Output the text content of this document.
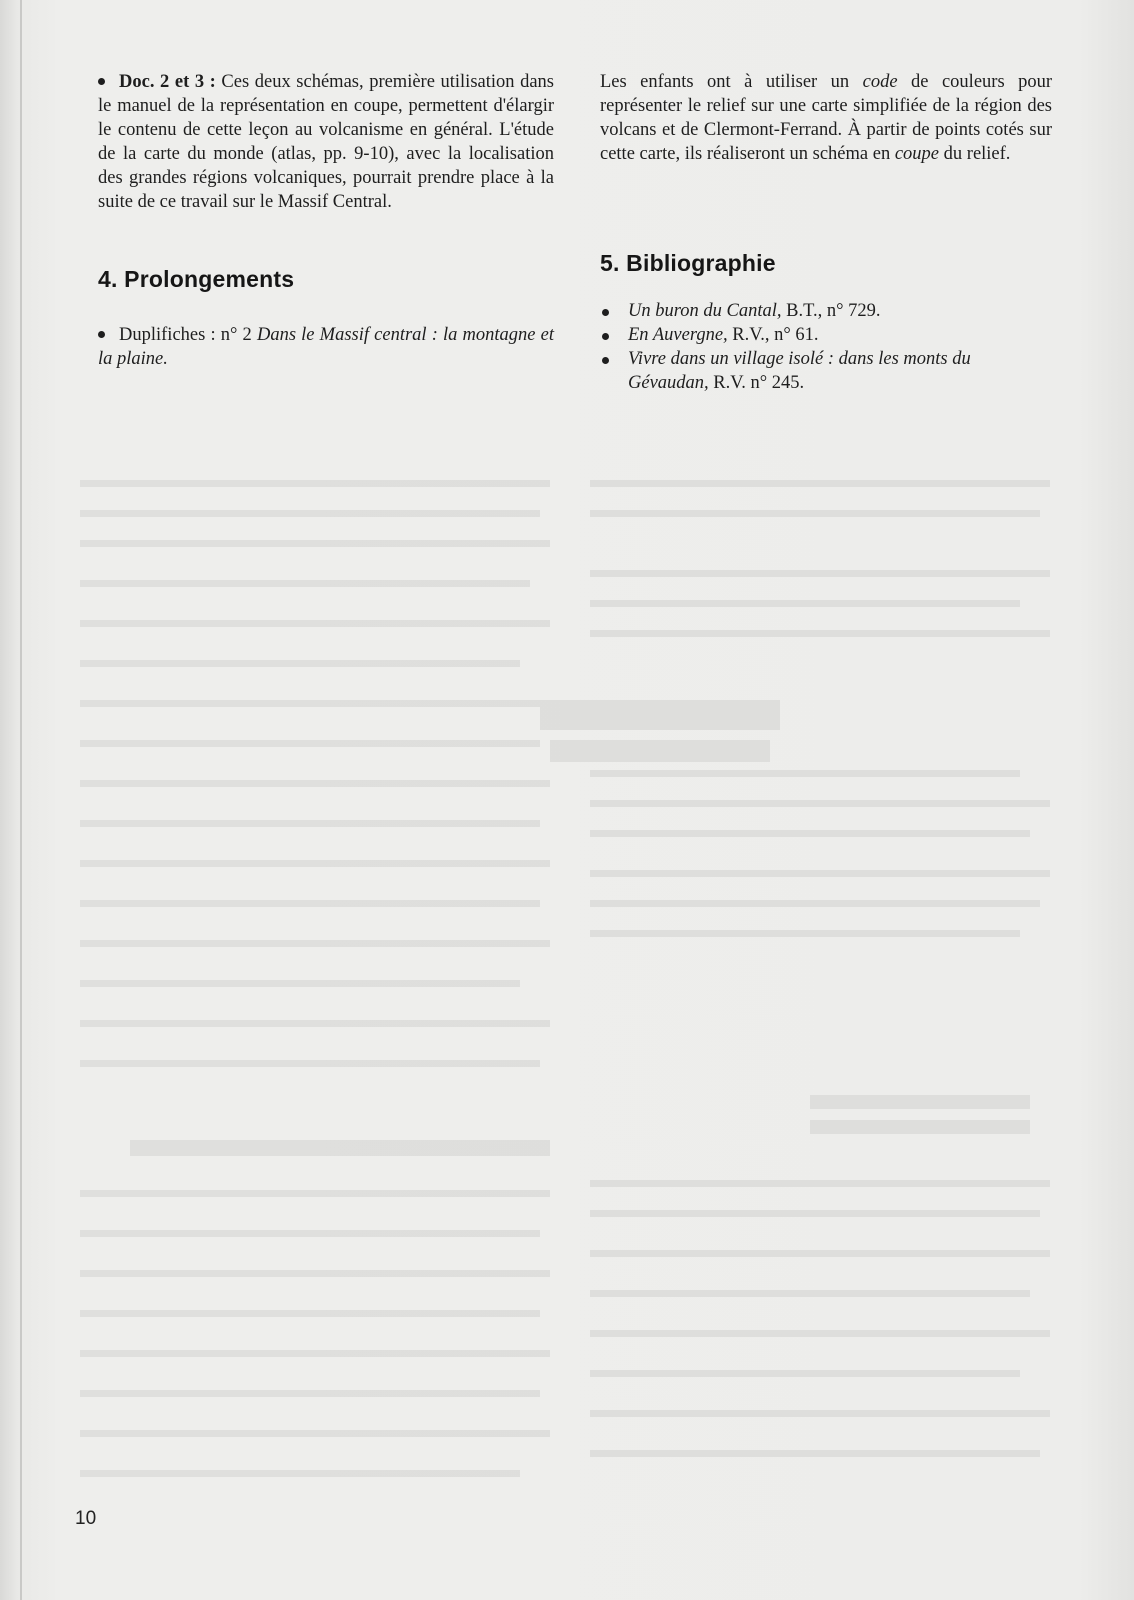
Doc. 2 et 3 : Ces deux schémas, première utilisation dans le manuel de la représentation en coupe, permettent d'élargir le contenu de cette leçon au volcanisme en général. L'étude de la carte du monde (atlas, pp. 9-10), avec la localisation des grandes régions volcaniques, pourrait prendre place à la suite de ce travail sur le Massif Central.

4. Prolongements

Duplifiches : n° 2 Dans le Massif central : la montagne et la plaine.

Les enfants ont à utiliser un code de couleurs pour représenter le relief sur une carte simplifiée de la région des volcans et de Clermont-Ferrand. À partir de points cotés sur cette carte, ils réaliseront un schéma en coupe du relief.

5. Bibliographie
Un buron du Cantal, B.T., n° 729.
En Auvergne, R.V., n° 61.
Vivre dans un village isolé : dans les monts du Gévaudan, R.V. n° 245.
10
